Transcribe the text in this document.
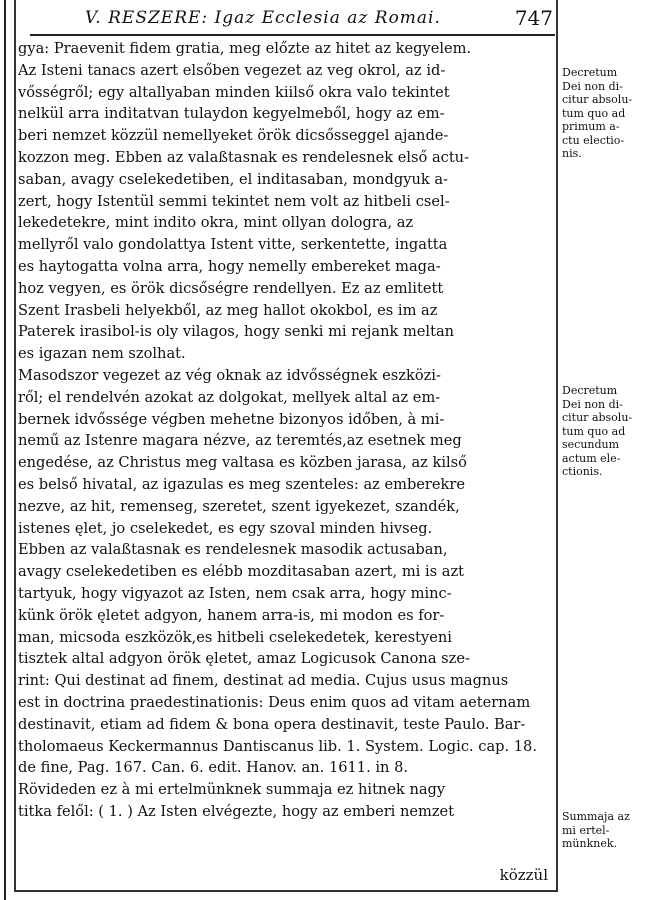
V. RESZERE: Igaz Ecclesia az Romai.	747
gya: Praevenit fidem gratia, meg előzte az hitet az kegyelem.
Az Isteni tanacs azert elsőben vegezet az veg okrol, az id-
vősségről; egy altallyaban minden kiilső okra valo tekintet
nelkül arra inditatvan tulaydon kegyelmeből, hogy az em-
beri nemzet közzül nemellyeket örök dicsősseggel ajande-
kozzon meg. Ebben az valaßtasnak es rendelesnek első actu-
saban, avagy cselekedetiben, el inditasaban, mondgyuk a-
zert, hogy Istentül semmi tekintet nem volt az hitbeli csel-
lekedetekre, mint indito okra, mint ollyan dologra, az
mellyről valo gondolattya Istent vitte, serkentette, ingatta
es haytogatta volna arra, hogy nemelly embereket maga-
hoz vegyen, es örök dicsőségre rendellyen. Ez az emlitett
Szent Irasbeli helyekből, az meg hallot okokbol, es im az
Paterek irasibol-is oly vilagos, hogy senki mi rejank meltan
es igazan nem szolhat.
Masodszor vegezet az vég oknak az idvősségnek eszközi-
ről; el rendelvén azokat az dolgokat, mellyek altal az em-
bernek idvőssége végben mehetne bizonyos időben, à mi-
nemű az Istenre magara nézve, az teremtés,az esetnek meg
engedése, az Christus meg valtasa es közben jarasa, az kilső
es belső hivatal, az igazulas es meg szenteles: az emberekre
nezve, az hit, remenseg, szeretet, szent igyekezet, szandék,
istenes ęlet, jo cselekedet, es egy szoval minden hivseg.
Ebben az valaßtasnak es rendelesnek masodik actusaban,
avagy cselekedetiben es elébb mozditasaban azert, mi is azt
tartyuk, hogy vigyazot az Isten, nem csak arra, hogy minc-
künk örök ęletet adgyon, hanem arra-is, mi modon es for-
man, micsoda eszközök,es hitbeli cselekedetek, kerestyeni
tisztek altal adgyon örök ęletet, amaz Logicusok Canona sze-
rint: Qui destinat ad finem, destinat ad media. Cujus usus magnus
est in doctrina praedestinationis: Deus enim quos ad vitam aeternam
destinavit, etiam ad fidem & bona opera destinavit, teste Paulo. Bar-
tholomaeus Keckermannus Dantiscanus lib. 1. System. Logic. cap. 18.
de fine, Pag. 167. Can. 6. edit. Hanov. an. 1611. in 8.
Rövideden ez à mi ertelmünknek summaja ez hitnek nagy
titka felől: ( 1. ) Az Isten elvégezte, hogy az emberi nemzet
Decretum
Dei non di-
citur absolu-
tum quo ad
primum a-
ctu electio-
nis.
Decretum
Dei non di-
citur absolu-
tum quo ad
secundum
actum ele-
ctionis.
Summaja az
mi ertel-
münknek.
közzül
